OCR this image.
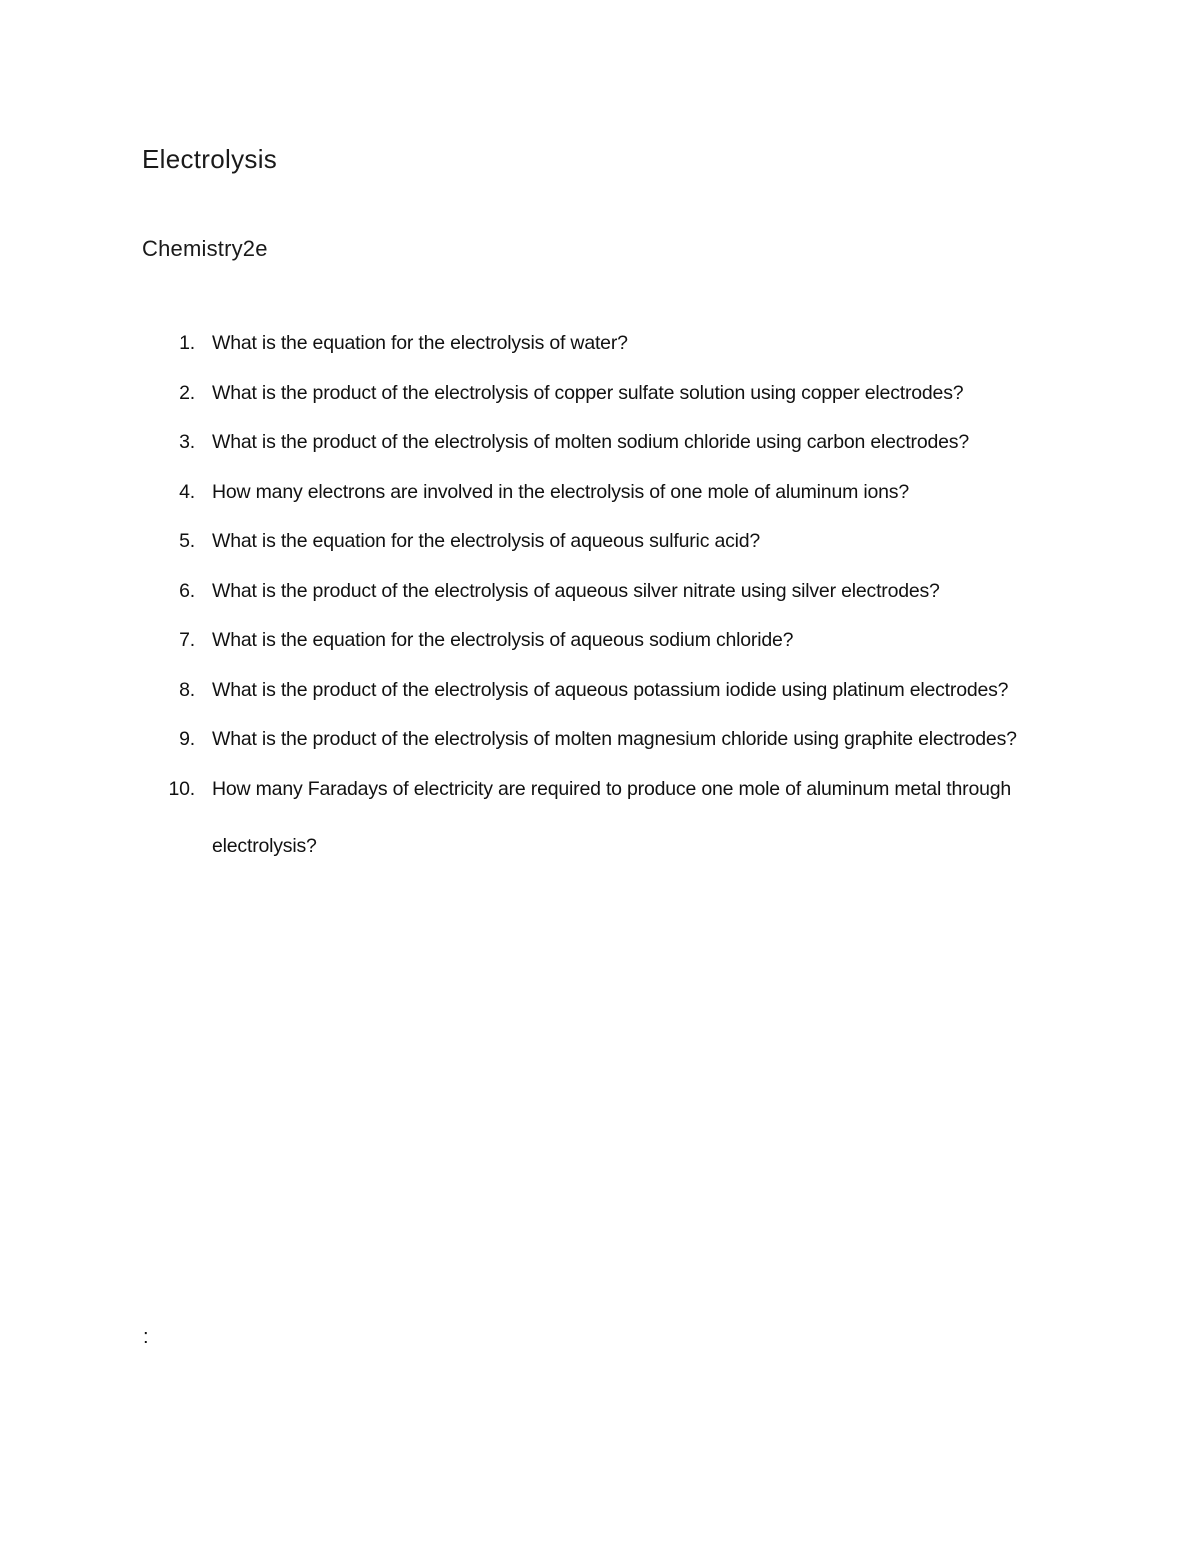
Electrolysis
Chemistry2e
1. What is the equation for the electrolysis of water?
2. What is the product of the electrolysis of copper sulfate solution using copper electrodes?
3. What is the product of the electrolysis of molten sodium chloride using carbon electrodes?
4. How many electrons are involved in the electrolysis of one mole of aluminum ions?
5. What is the equation for the electrolysis of aqueous sulfuric acid?
6. What is the product of the electrolysis of aqueous silver nitrate using silver electrodes?
7. What is the equation for the electrolysis of aqueous sodium chloride?
8. What is the product of the electrolysis of aqueous potassium iodide using platinum electrodes?
9. What is the product of the electrolysis of molten magnesium chloride using graphite electrodes?
10. How many Faradays of electricity are required to produce one mole of aluminum metal through electrolysis?
:
